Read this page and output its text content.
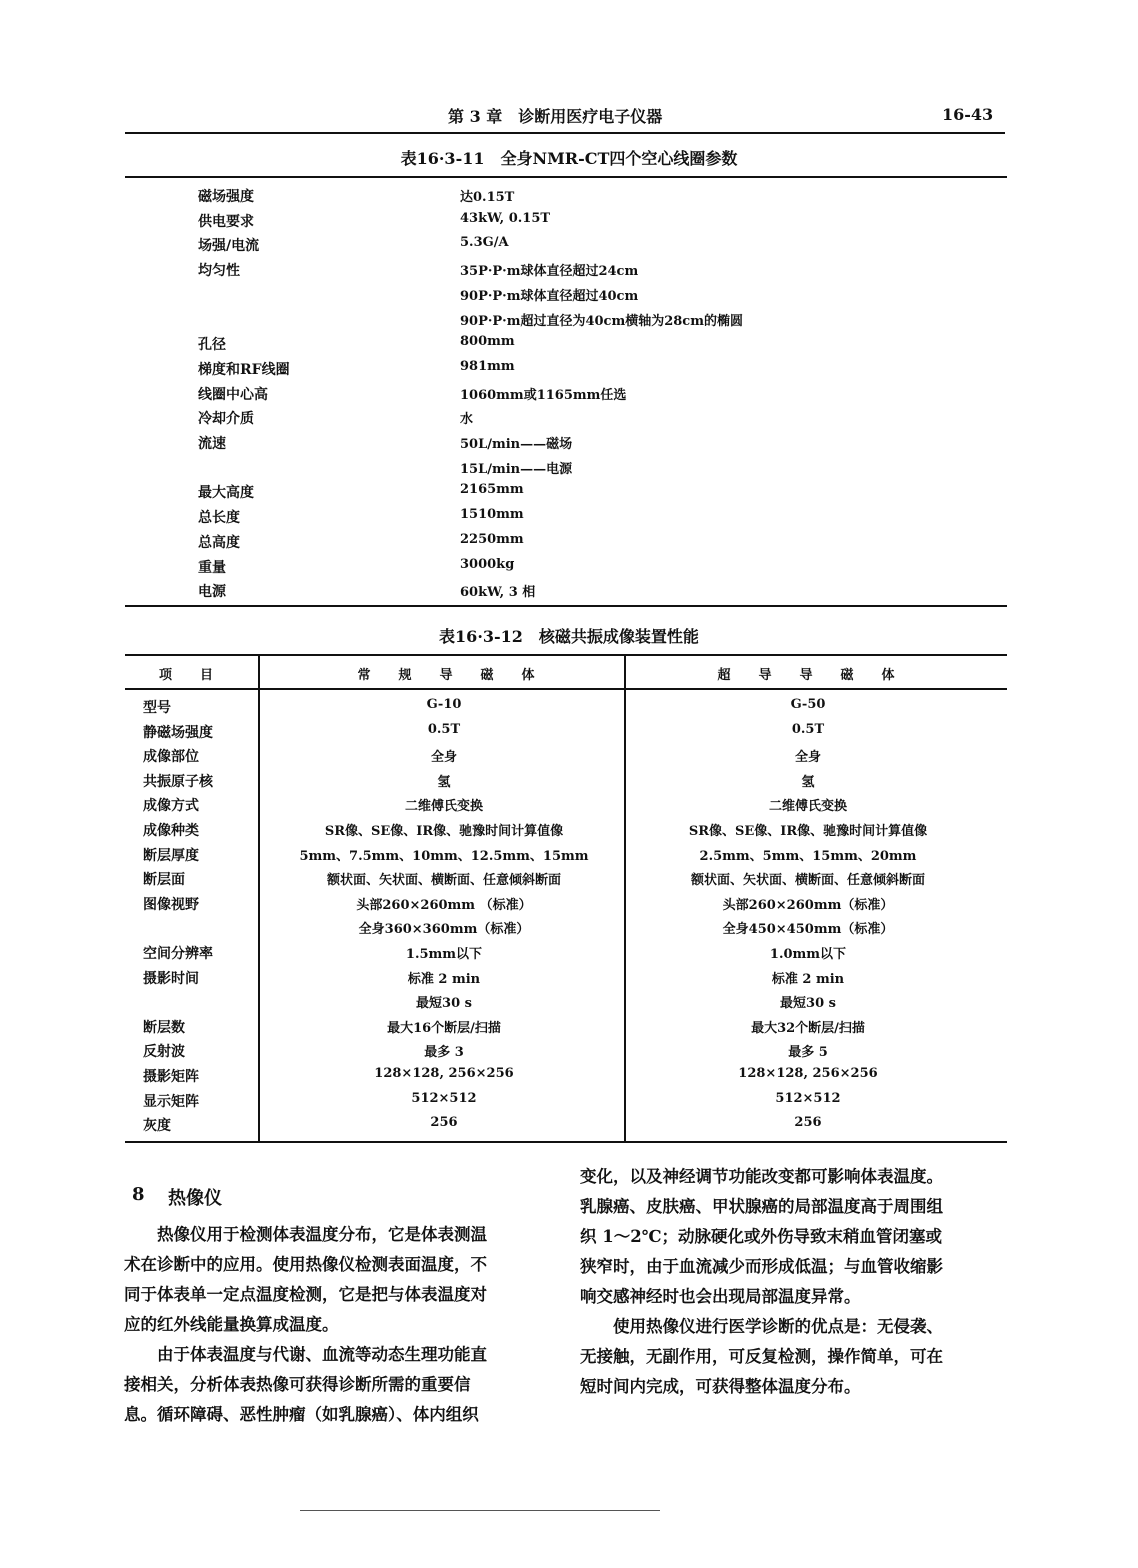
第 3 章　诊断用医疗电子仪器	16-43
表16·3-11　全身NMR-CT四个空心线圈参数
磁场强度	达0.15T
供电要求	43kW, 0.15T
场强/电流	5.3G/A
均匀性	35P·P·m球体直径超过24cm
90P·P·m球体直径超过40cm
90P·P·m超过直径为40cm横轴为28cm的椭圆
孔径	800mm
梯度和RF线圈	981mm
线圈中心高	1060mm或1165mm任选
冷却介质	水
流速	50L/min——磁场
15L/min——电源
最大高度	2165mm
总长度	1510mm
总高度	2250mm
重量	3000kg
电源	60kW, 3 相
表16·3-12　核磁共振成像装置性能
项目	常规导磁体	超导导磁体
型号	G-10	G-50
静磁场强度	0.5T	0.5T
成像部位	全身	全身
共振原子核	氢	氢
成像方式	二维傅氏变换	二维傅氏变换
成像种类	SR像、SE像、IR像、驰豫时间计算值像	SR像、SE像、IR像、驰豫时间计算值像
断层厚度	5mm、7.5mm、10mm、12.5mm、15mm	2.5mm、5mm、15mm、20mm
断层面	额状面、矢状面、横断面、任意倾斜断面	额状面、矢状面、横断面、任意倾斜断面
图像视野	头部260×260mm （标准）	头部260×260mm（标准）
全身360×360mm（标准）	全身450×450mm（标准）
空间分辨率	1.5mm以下	1.0mm以下
摄影时间	标准 2 min	标准 2 min
最短30 s	最短30 s
断层数	最大16个断层/扫描	最大32个断层/扫描
反射波	最多 3	最多 5
摄影矩阵	128×128, 256×256	128×128, 256×256
显示矩阵	512×512	512×512
灰度	256	256
8 热像仪
　　热像仪用于检测体表温度分布，它是体表测温
术在诊断中的应用。使用热像仪检测表面温度，不
同于体表单一定点温度检测，它是把与体表温度对
应的红外线能量换算成温度。
　　由于体表温度与代谢、血流等动态生理功能直
接相关，分析体表热像可获得诊断所需的重要信
息。循环障碍、恶性肿瘤（如乳腺癌）、体内组织
变化，以及神经调节功能改变都可影响体表温度。
乳腺癌、皮肤癌、甲状腺癌的局部温度高于周围组
织 1～2℃；动脉硬化或外伤导致末稍血管闭塞或
狭窄时，由于血流减少而形成低温；与血管收缩影
响交感神经时也会出现局部温度异常。
　　使用热像仪进行医学诊断的优点是：无侵袭、
无接触，无副作用，可反复检测，操作简单，可在
短时间内完成，可获得整体温度分布。
